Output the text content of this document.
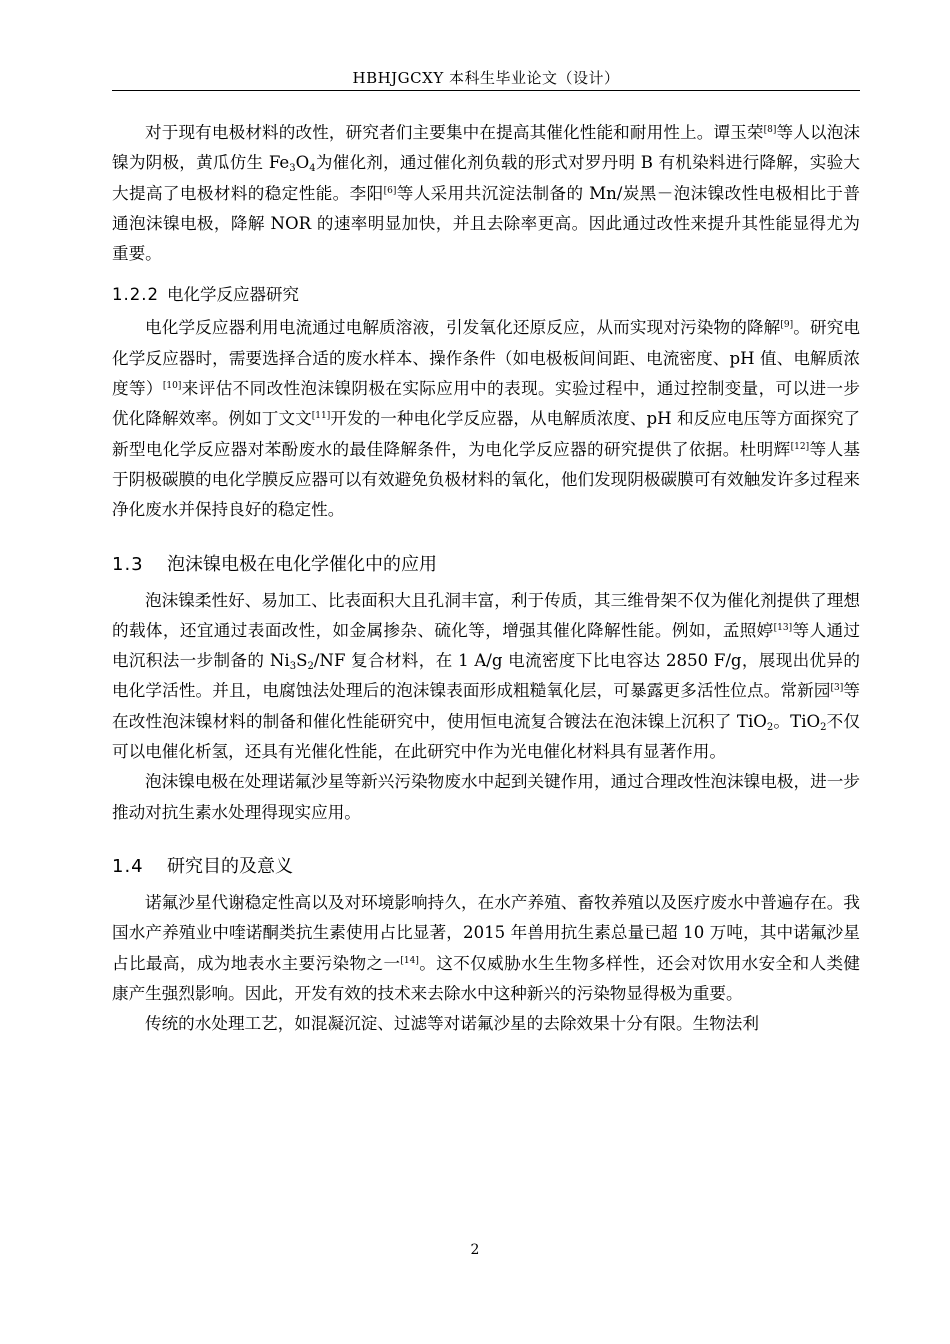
HBHJGCXY 本科生毕业论文（设计）

对于现有电极材料的改性，研究者们主要集中在提高其催化性能和耐用性上。谭玉荣[8]等人以泡沫镍为阴极，黄瓜仿生 $Fe_3O_4$为催化剂，通过催化剂负载的形式对罗丹明 B 有机染料进行降解，实验大大提高了电极材料的稳定性能。李阳[6]等人采用共沉淀法制备的 Mn/炭黑－泡沫镍改性电极相比于普通泡沫镍电极，降解 NOR 的速率明显加快，并且去除率更高。因此通过改性来提升其性能显得尤为重要。

1.2.2 电化学反应器研究

电化学反应器利用电流通过电解质溶液，引发氧化还原反应，从而实现对污染物的降解[9]。研究电化学反应器时，需要选择合适的废水样本、操作条件（如电极板间间距、电流密度、pH 值、电解质浓度等）[10]来评估不同改性泡沫镍阴极在实际应用中的表现。实验过程中，通过控制变量，可以进一步优化降解效率。例如丁文文[11]开发的一种电化学反应器，从电解质浓度、pH 和反应电压等方面探究了新型电化学反应器对苯酚废水的最佳降解条件，为电化学反应器的研究提供了依据。杜明辉[12]等人基于阴极碳膜的电化学膜反应器可以有效避免负极材料的氧化，他们发现阴极碳膜可有效触发许多过程来净化废水并保持良好的稳定性。

1.3 泡沫镍电极在电化学催化中的应用

泡沫镍柔性好、易加工、比表面积大且孔洞丰富，利于传质，其三维骨架不仅为催化剂提供了理想的载体，还宜通过表面改性，如金属掺杂、硫化等，增强其催化降解性能。例如，孟照婷[13]等人通过电沉积法一步制备的 $Ni_3S_2/NF$ 复合材料，在 1 A/g 电流密度下比电容达 2850 F/g，展现出优异的电化学活性。并且，电腐蚀法处理后的泡沫镍表面形成粗糙氧化层，可暴露更多活性位点。常新园[3]等在改性泡沫镍材料的制备和催化性能研究中，使用恒电流复合镀法在泡沫镍上沉积了 TiO$_2$。TiO$_2$不仅可以电催化析氢，还具有光催化性能，在此研究中作为光电催化材料具有显著作用。

泡沫镍电极在处理诺氟沙星等新兴污染物废水中起到关键作用，通过合理改性泡沫镍电极，进一步推动对抗生素水处理得现实应用。

1.4 研究目的及意义

诺氟沙星代谢稳定性高以及对环境影响持久，在水产养殖、畜牧养殖以及医疗废水中普遍存在。我国水产养殖业中喹诺酮类抗生素使用占比显著，2015 年兽用抗生素总量已超 10 万吨，其中诺氟沙星占比最高，成为地表水主要污染物之一[14]。这不仅威胁水生生物多样性，还会对饮用水安全和人类健康产生强烈影响。因此，开发有效的技术来去除水中这种新兴的污染物显得极为重要。

传统的水处理工艺，如混凝沉淀、过滤等对诺氟沙星的去除效果十分有限。生物法利

2
